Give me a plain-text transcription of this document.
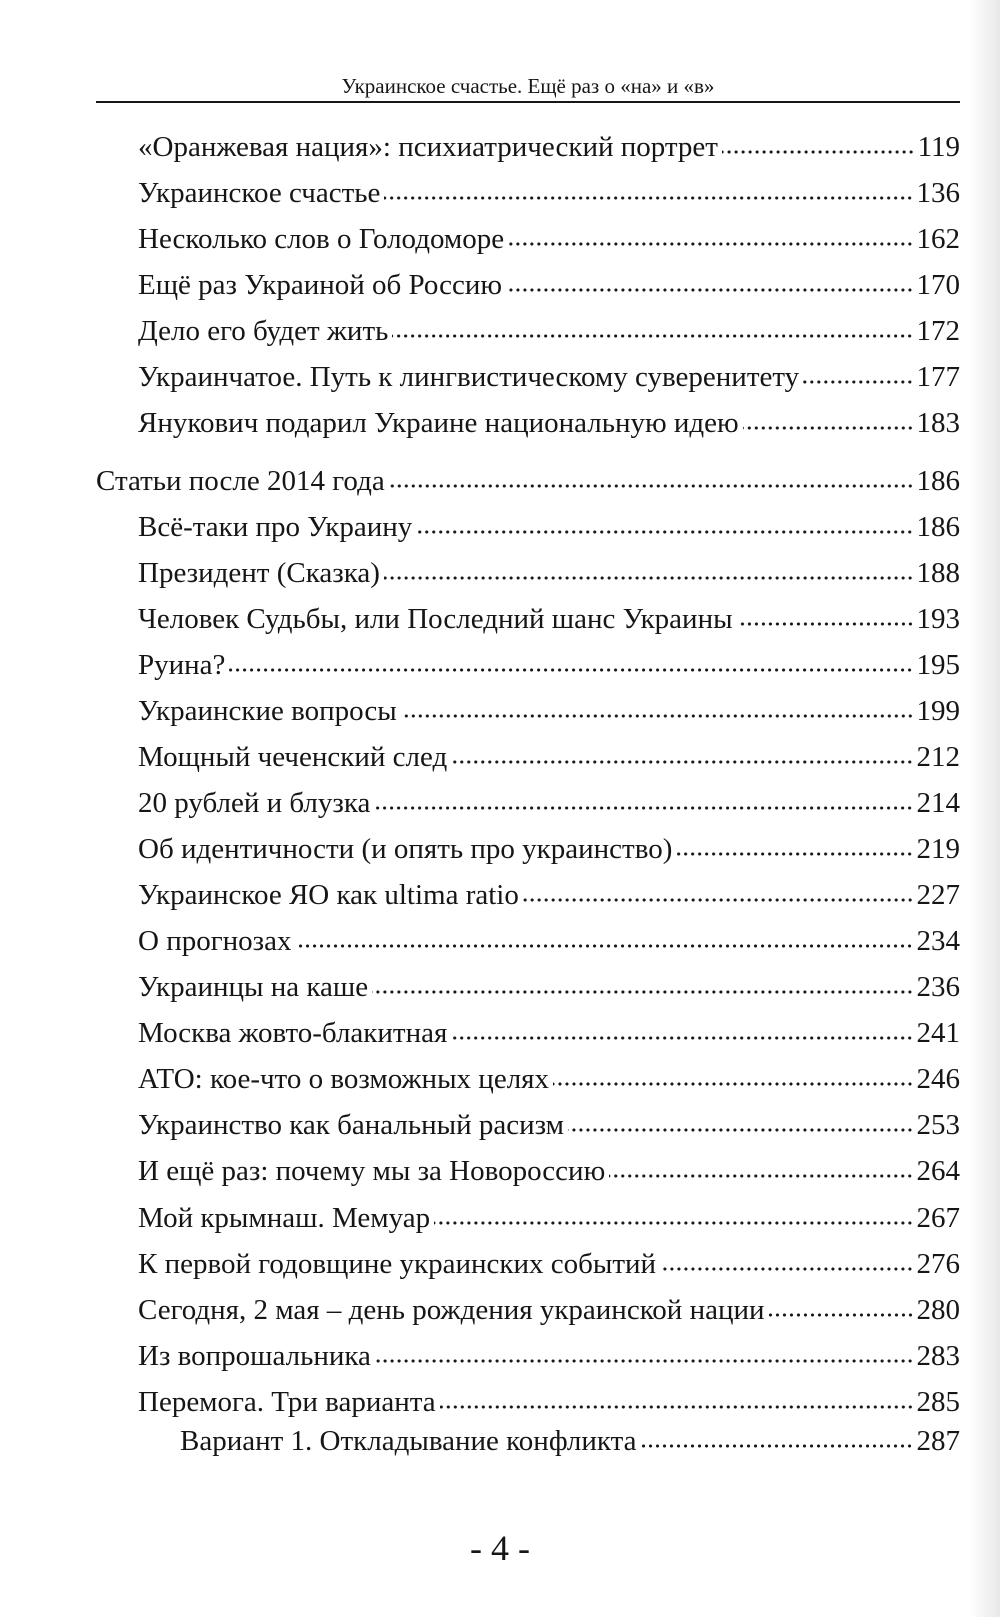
Украинское счастье. Ещё раз о «на» и «в»
«Оранжевая нация»: психиатрический портрет	119
Украинское счастье	136
Несколько слов о Голодоморе	162
Ещё раз Украиной об Россию	170
Дело его будет жить	172
Украинчатое. Путь к лингвистическому суверенитету	177
Янукович подарил Украине национальную идею	183
Статьи после 2014 года	186
Всё-таки про Украину	186
Президент (Сказка)	188
Человек Судьбы, или Последний шанс Украины	193
Руина?	195
Украинские вопросы	199
Мощный чеченский след	212
20 рублей и блузка	214
Об идентичности (и опять про украинство)	219
Украинское ЯО как ultima ratio	227
О прогнозах	234
Украинцы на каше	236
Москва жовто-блакитная	241
АТО: кое-что о возможных целях	246
Украинство как банальный расизм	253
И ещё раз: почему мы за Новороссию	264
Мой крымнаш. Мемуар	267
К первой годовщине украинских событий	276
Сегодня, 2 мая – день рождения украинской нации	280
Из вопрошальника	283
Перемога. Три варианта	285
Вариант 1. Откладывание конфликта	287
- 4 -
